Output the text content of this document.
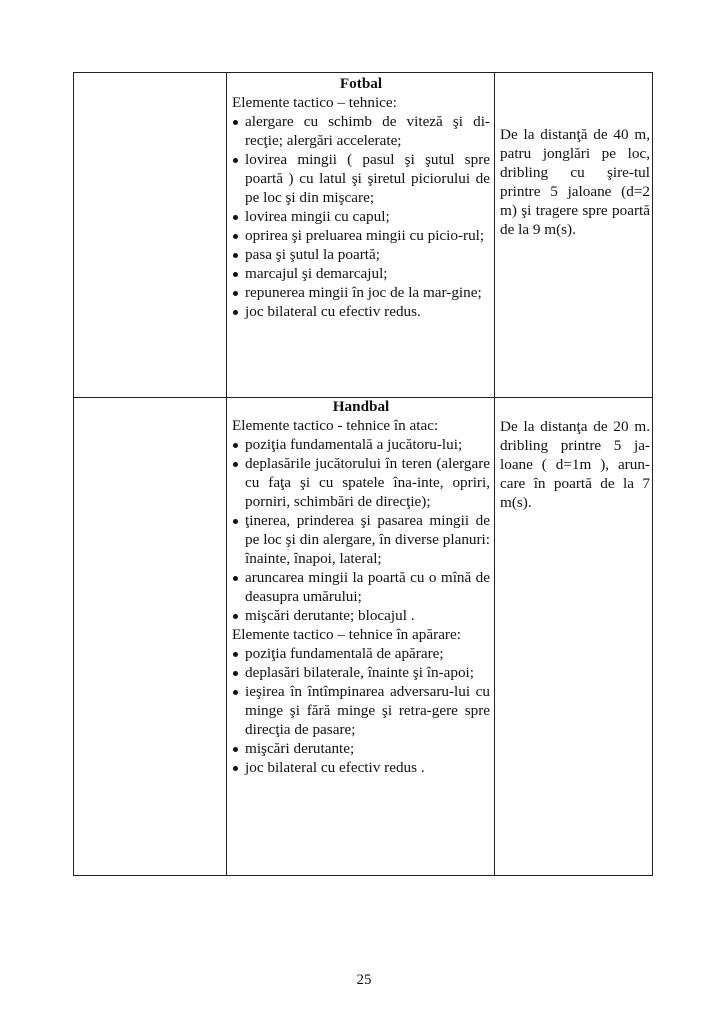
Fotbal
Elemente tactico – tehnice:
alergare cu schimb de viteză şi di-recţie; alergări accelerate;
lovirea mingii ( pasul şi şutul spre poartă ) cu latul şi şiretul piciorului de pe loc şi din mişcare;
lovirea mingii cu capul;
oprirea şi preluarea mingii cu picio-rul;
pasa şi şutul la poartă;
marcajul şi demarcajul;
repunerea mingii în joc de la mar-gine;
joc bilateral cu efectiv redus.
De la distanţă de 40 m, patru jonglări pe loc, dribling cu şire-tul printre 5 jaloane (d=2 m) şi tragere spre poartă de la 9 m(s).
Handbal
Elemente tactico - tehnice în atac:
poziţia fundamentală a jucătoru-lui;
deplasările jucătorului în teren (alergare cu faţa şi cu spatele îna-inte, opriri, porniri, schimbări de direcţie);
ţinerea, prinderea şi pasarea mingii de pe loc şi din alergare, în diverse planuri: înainte, înapoi, lateral;
aruncarea mingii la poartă cu o mînă de deasupra umărului;
mişcări derutante; blocajul .
Elemente tactico – tehnice în apărare:
poziţia fundamentală de apărare;
deplasări bilaterale, înainte şi în-apoi;
ieşirea în întîmpinarea adversaru-lui cu minge şi fără minge şi retra-gere spre direcţia de pasare;
mişcări derutante;
joc bilateral cu efectiv redus .
De la distanţa de 20 m. dribling printre 5 ja-loane ( d=1m ), arun-care în poartă de la 7 m(s).
25
